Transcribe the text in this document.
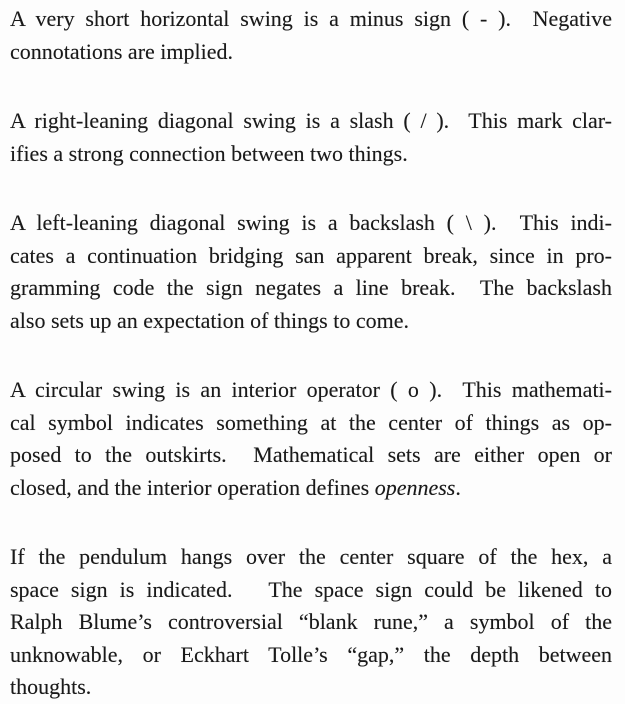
A very short horizontal swing is a minus sign ( - ).  Negative
connotations are implied.
A right-leaning diagonal swing is a slash ( / ).  This mark clar-
ifies a strong connection between two things.
A left-leaning diagonal swing is a backslash ( \ ).  This indi-
cates a continuation bridging san apparent break, since in pro-
gramming code the sign negates a line break.  The backslash
also sets up an expectation of things to come.
A circular swing is an interior operator ( o ).  This mathemati-
cal symbol indicates something at the center of things as op-
posed to the outskirts.  Mathematical sets are either open or
closed, and the interior operation defines openness.
If the pendulum hangs over the center square of the hex, a
space sign is indicated.   The space sign could be likened to
Ralph Blume’s controversial “blank rune,” a symbol of the
unknowable, or Eckhart Tolle’s “gap,” the depth between
thoughts.
